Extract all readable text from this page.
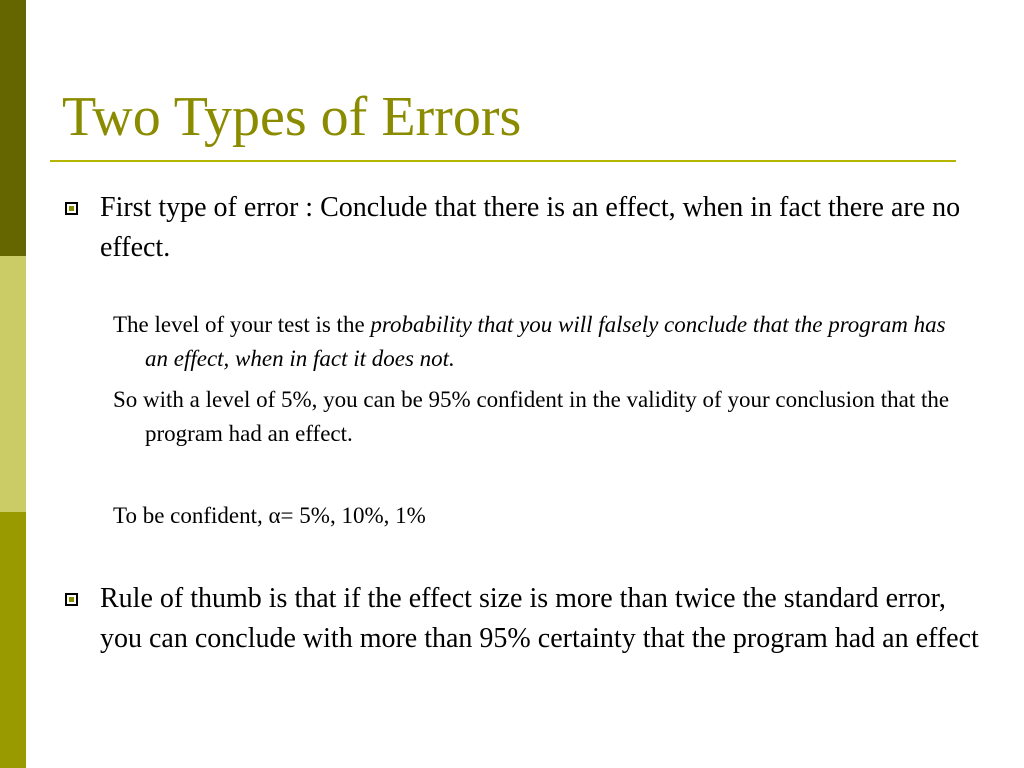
Two Types of Errors
First type of error : Conclude that there is an effect, when in fact there are no effect.
The level of your test is the probability that you will falsely conclude that the program has an effect, when in fact it does not.
So with a level of 5%, you can be 95% confident in the validity of your conclusion that the program had an effect.
To be confident, α= 5%, 10%, 1%
Rule of thumb is that if the effect size is more than twice the standard error, you can conclude with more than 95% certainty that the program had an effect
